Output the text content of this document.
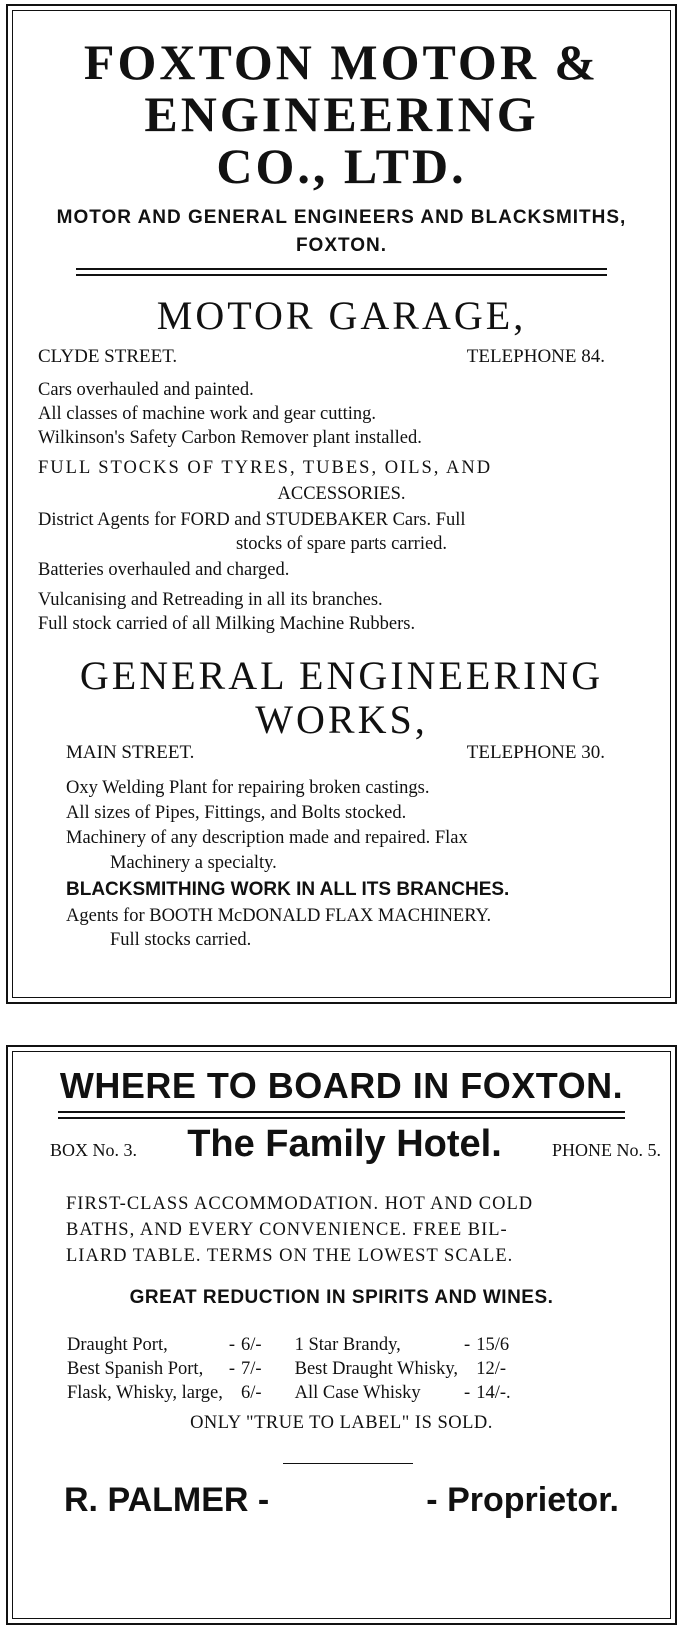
FOXTON MOTOR &
ENGINEERING
CO., LTD.
MOTOR AND GENERAL ENGINEERS AND BLACKSMITHS,
FOXTON.
MOTOR GARAGE,
CLYDE STREET.	TELEPHONE 84.
Cars overhauled and painted.
All classes of machine work and gear cutting.
Wilkinson's Safety Carbon Remover plant installed.
FULL STOCKS OF TYRES, TUBES, OILS, AND
ACCESSORIES.
District Agents for FORD and STUDEBAKER Cars. Full
stocks of spare parts carried.
Batteries overhauled and charged.
Vulcanising and Retreading in all its branches.
Full stock carried of all Milking Machine Rubbers.
GENERAL ENGINEERING
WORKS,
MAIN STREET.	TELEPHONE 30.
Oxy Welding Plant for repairing broken castings.
All sizes of Pipes, Fittings, and Bolts stocked.
Machinery of any description made and repaired. Flax
Machinery a specialty.
BLACKSMITHING WORK IN ALL ITS BRANCHES.
Agents for BOOTH McDONALD FLAX MACHINERY.
Full stocks carried.
WHERE TO BOARD IN FOXTON.
BOX No. 3. The Family Hotel.	PHONE No. 5.
FIRST-CLASS ACCOMMODATION. HOT AND COLD
BATHS, AND EVERY CONVENIENCE. FREE BIL-
LIARD TABLE. TERMS ON THE LOWEST SCALE.
GREAT REDUCTION IN SPIRITS AND WINES.
Draught Port,	-	6/-	1 Star Brandy,	-	15/6
Best Spanish Port,	-	7/-	Best Draught Whisky,		12/-
Flask, Whisky, large,		6/-	All Case Whisky	-	14/-.
ONLY "TRUE TO LABEL" IS SOLD.
R. PALMER -	- Proprietor.
